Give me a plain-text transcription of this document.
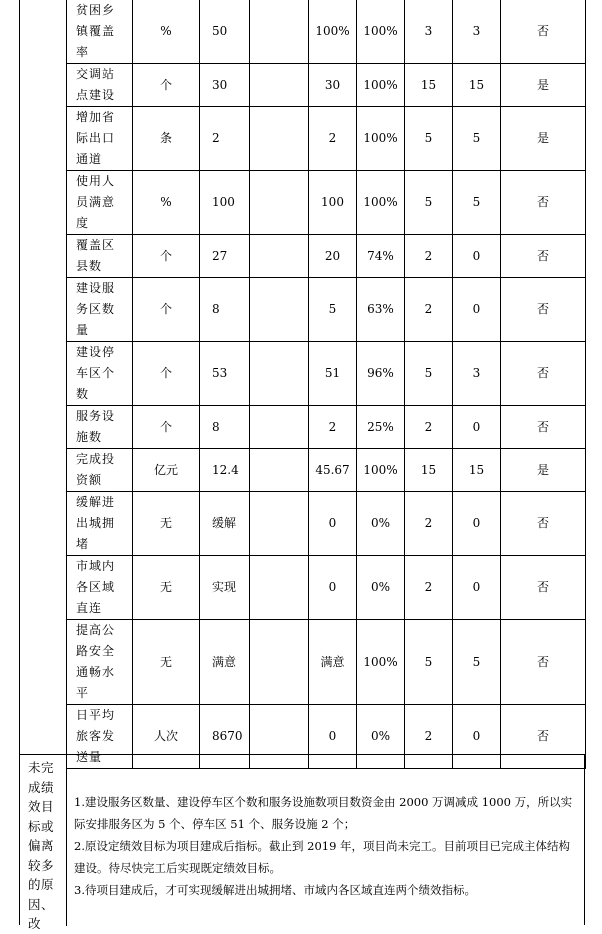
	贫困乡镇覆盖率	%	50		100%	100%	3	3	否
	交调站点建设	个	30		30	100%	15	15	是
	增加省际出口通道	条	2		2	100%	5	5	是
	使用人员满意度	%	100		100	100%	5	5	否
	覆盖区县数	个	27		20	74%	2	0	否
	建设服务区数量	个	8		5	63%	2	0	否
	建设停车区个数	个	53		51	96%	5	3	否
	服务设施数	个	8		2	25%	2	0	否
	完成投资额	亿元	12.4		45.67	100%	15	15	是
	缓解进出城拥堵	无	缓解		0	0%	2	0	否
	市域内各区域直连	无	实现		0	0%	2	0	否
	提高公路安全通畅水平	无	满意		满意	100%	5	5	否
	日平均旅客发送量	人次	8670		0	0%	2	0	否
未完成绩效目标或偏离较多的原因、改

1.建设服务区数量、建设停车区个数和服务设施数项目数资金由 2000 万调减成 1000 万，所以实际安排服务区为 5 个、停车区 51 个、服务设施 2 个；

2.原设定绩效目标为项目建成后指标。截止到 2019 年，项目尚未完工。目前项目已完成主体结构建设。待尽快完工后实现既定绩效目标。

3.待项目建成后，才可实现缓解进出城拥堵、市域内各区域直连两个绩效指标。
